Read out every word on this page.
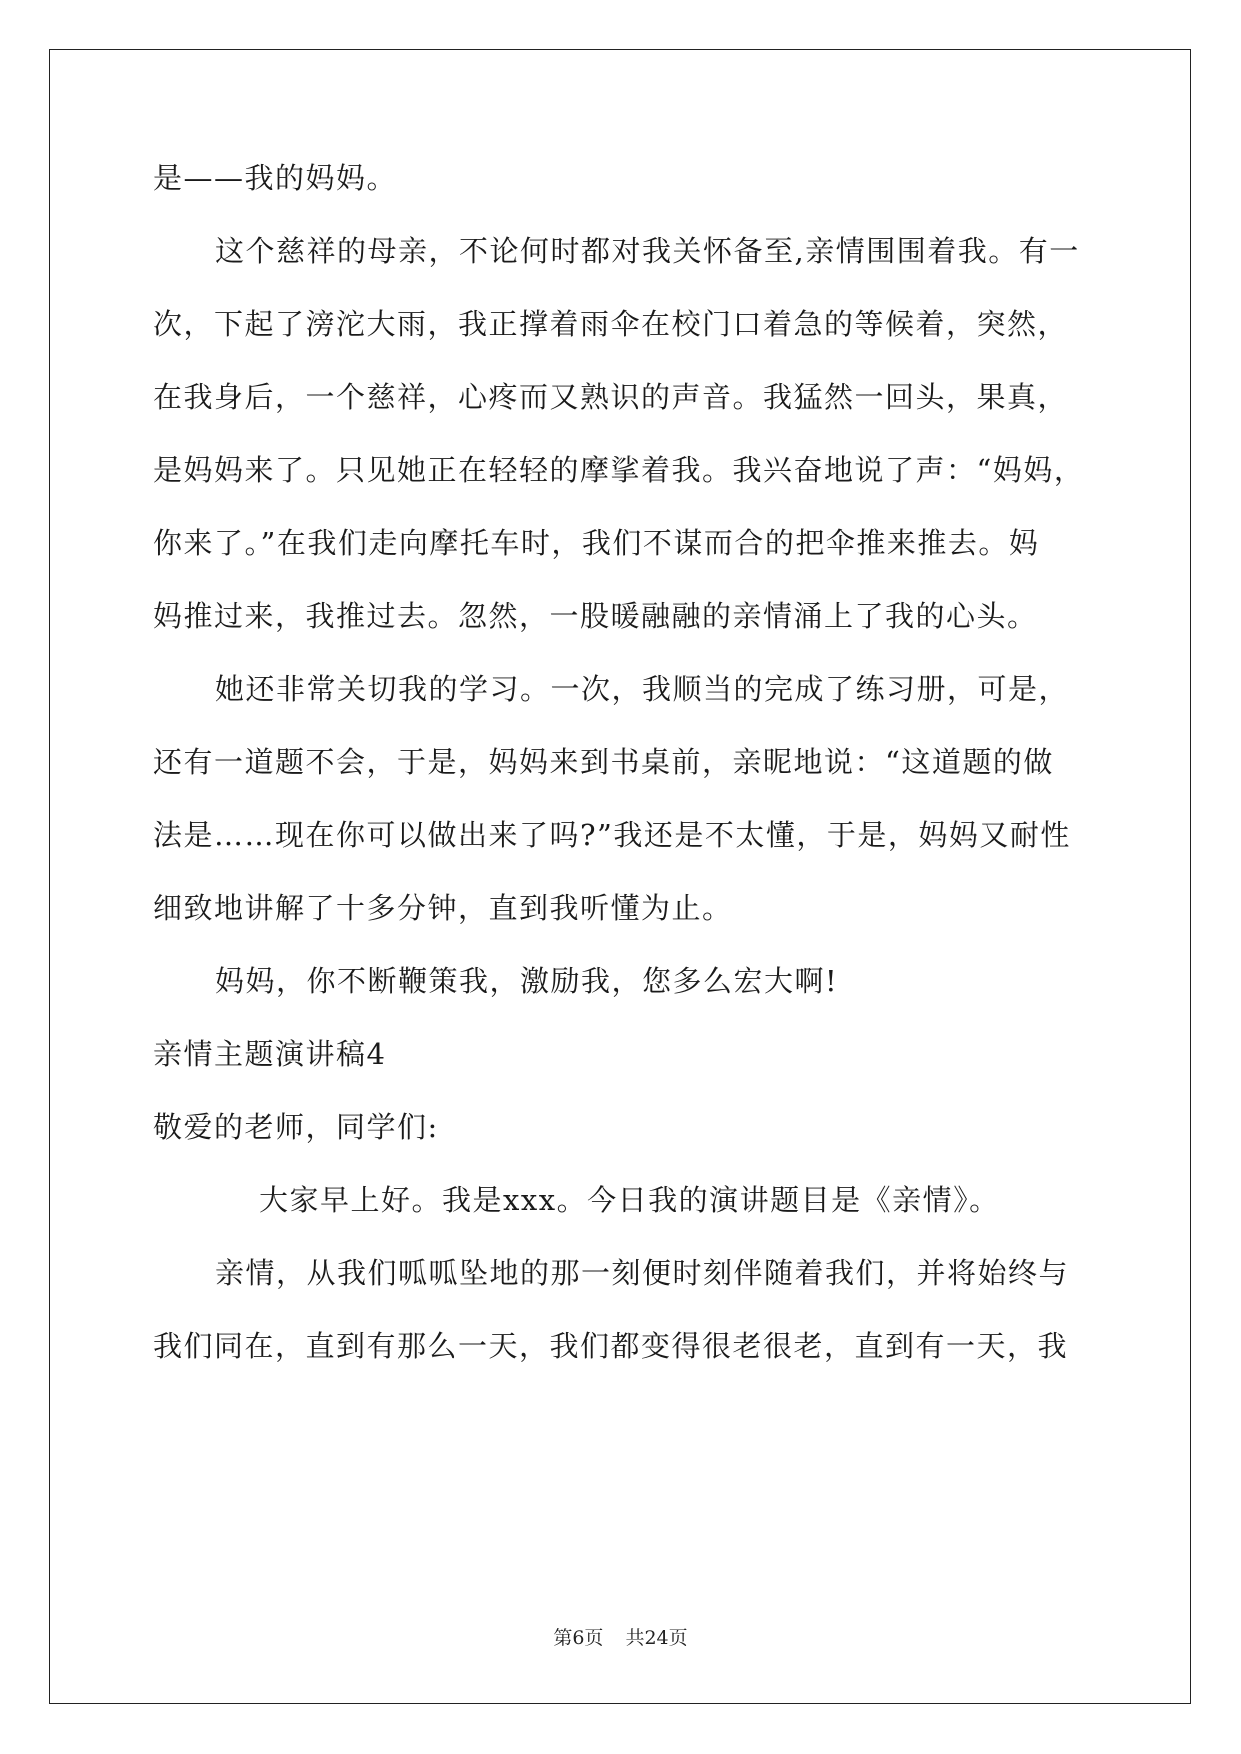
是——我的妈妈。

这个慈祥的母亲，不论何时都对我关怀备至,亲情围围着我。有一

次，下起了滂沱大雨，我正撑着雨伞在校门口着急的等候着，突然，

在我身后，一个慈祥，心疼而又熟识的声音。我猛然一回头，果真，

是妈妈来了。只见她正在轻轻的摩挲着我。我兴奋地说了声：“妈妈，

你来了。”在我们走向摩托车时，我们不谋而合的把伞推来推去。妈

妈推过来，我推过去。忽然，一股暖融融的亲情涌上了我的心头。

她还非常关切我的学习。一次，我顺当的完成了练习册，可是，

还有一道题不会，于是，妈妈来到书桌前，亲昵地说：“这道题的做

法是……现在你可以做出来了吗?”我还是不太懂，于是，妈妈又耐性

细致地讲解了十多分钟，直到我听懂为止。

妈妈，你不断鞭策我，激励我，您多么宏大啊!

亲情主题演讲稿4

敬爱的老师，同学们:

大家早上好。我是xxx。今日我的演讲题目是《亲情》。

亲情，从我们呱呱坠地的那一刻便时刻伴随着我们，并将始终与

我们同在，直到有那么一天，我们都变得很老很老，直到有一天，我

第6页 共24页
